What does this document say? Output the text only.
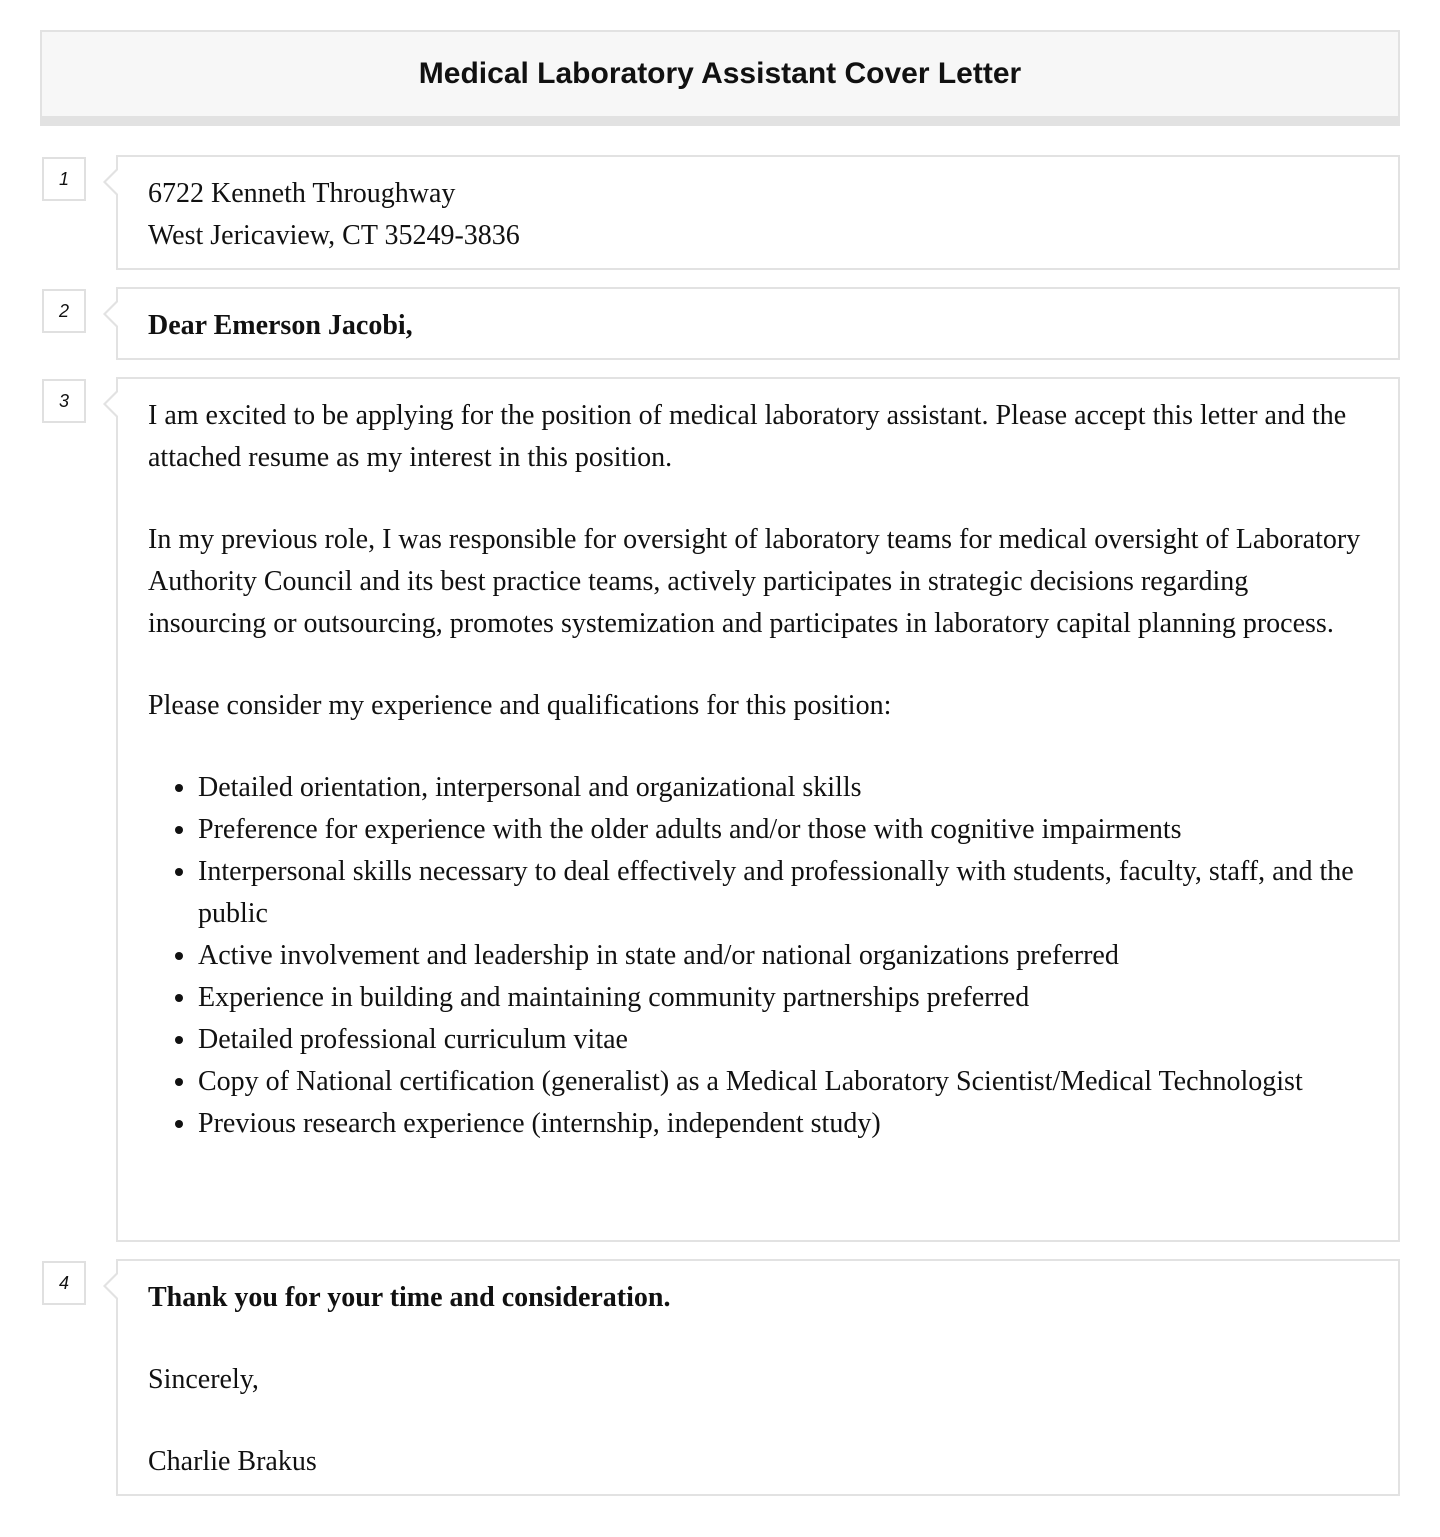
Medical Laboratory Assistant Cover Letter
1	6722 Kenneth Throughway
West Jericaview, CT 35249-3836
2	Dear Emerson Jacobi,

3	I am excited to be applying for the position of medical laboratory assistant. Please accept this letter and the attached resume as my interest in this position.

In my previous role, I was responsible for oversight of laboratory teams for medical oversight of Laboratory Authority Council and its best practice teams, actively participates in strategic decisions regarding insourcing or outsourcing, promotes systemization and participates in laboratory capital planning process.

Please consider my experience and qualifications for this position:

• Detailed orientation, interpersonal and organizational skills
• Preference for experience with the older adults and/or those with cognitive impairments
• Interpersonal skills necessary to deal effectively and professionally with students, faculty, staff, and the public
• Active involvement and leadership in state and/or national organizations preferred
• Experience in building and maintaining community partnerships preferred
• Detailed professional curriculum vitae
• Copy of National certification (generalist) as a Medical Laboratory Scientist/Medical Technologist
• Previous research experience (internship, independent study)
4	Thank you for your time and consideration.

Sincerely,

Charlie Brakus
